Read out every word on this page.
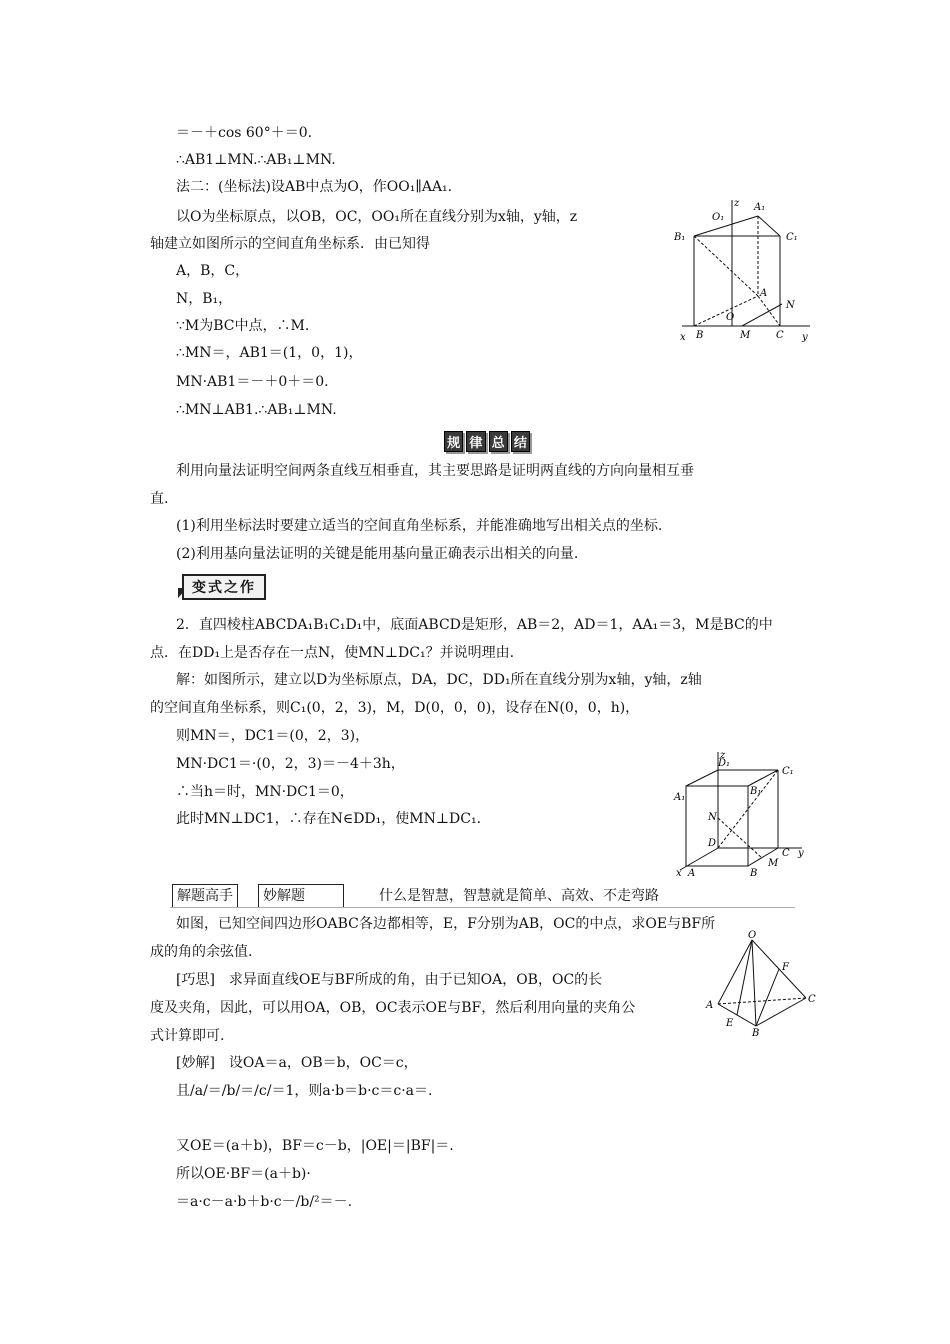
＝－＋cos 60°＋＝0.
∴AB1⊥MN.∴AB₁⊥MN.
法二：(坐标法)设AB中点为O，作OO₁∥AA₁.
以O为坐标原点，以OB，OC，OO₁所在直线分别为x轴，y轴，z
轴建立如图所示的空间直角坐标系．由已知得
A，B，C，
N，B₁，
∵M为BC中点，∴M.
∴MN＝，AB1＝(1，0，1)，
MN·AB1＝－＋0＋＝0.
∴MN⊥AB1.∴AB₁⊥MN.
规 律 总 结
利用向量法证明空间两条直线互相垂直，其主要思路是证明两直线的方向向量相互垂
直.
(1)利用坐标法时要建立适当的空间直角坐标系，并能准确地写出相关点的坐标.
(2)利用基向量法证明的关键是能用基向量正确表示出相关的向量.
变式之作
2．直四棱柱ABCDA₁B₁C₁D₁中，底面ABCD是矩形，AB＝2，AD＝1，AA₁＝3，M是BC的中
点．在DD₁上是否存在一点N，使MN⊥DC₁？并说明理由.
解：如图所示，建立以D为坐标原点，DA，DC，DD₁所在直线分别为x轴，y轴，z轴
的空间直角坐标系，则C₁(0，2，3)，M，D(0，0，0)，设存在N(0，0，h)，
则MN＝，DC1＝(0，2，3)，
MN·DC1＝·(0，2，3)＝－4＋3h，
∴当h＝时，MN·DC1＝0，
此时MN⊥DC1，∴存在N∈DD₁，使MN⊥DC₁.
解题高手	妙解题	什么是智慧，智慧就是简单、高效、不走弯路
如图，已知空间四边形OABC各边都相等，E，F分别为AB，OC的中点，求OE与BF所
成的角的余弦值.
[巧思]　求异面直线OE与BF所成的角，由于已知OA，OB，OC的长
度及夹角，因此，可以用OA，OB，OC表示OE与BF，然后利用向量的夹角公
式计算即可.
[妙解]　设OA＝a，OB＝b，OC＝c，
且/a/＝/b/＝/c/＝1，则a·b＝b·c＝c·a＝.
又OE＝(a＋b)，BF＝c－b，|OE|＝|BF|＝.
所以OE·BF＝(a＋b)·
＝a·c－a·b＋b·c－/b/²＝－.
z A₁
O₁
B₁	C₁
A
N
O
x B	M	C y
z
D₁
C₁
A₁
B₁
N
D
C y
M
x A	B
O
F
A
C
E
B
